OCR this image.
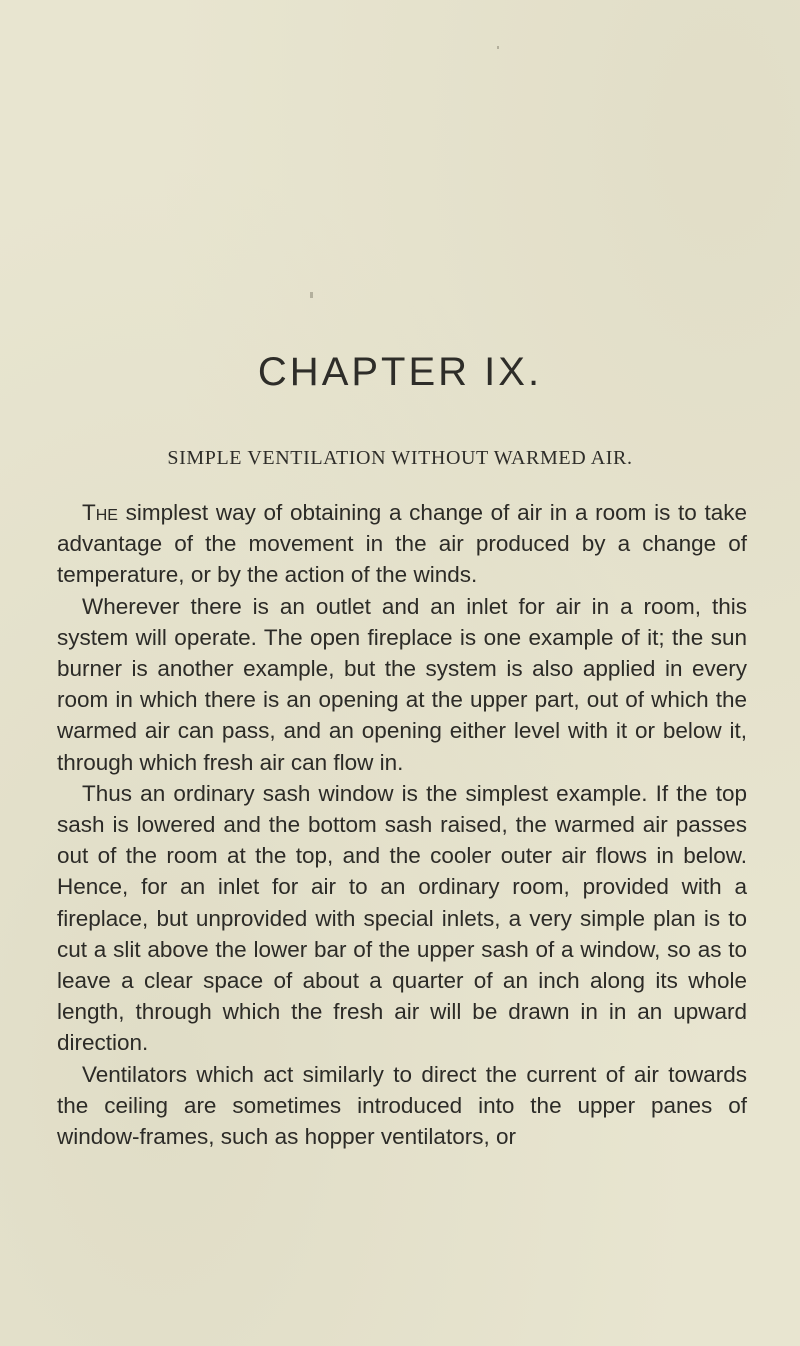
CHAPTER IX.
SIMPLE VENTILATION WITHOUT WARMED AIR.

The simplest way of obtaining a change of air in a room is to take advantage of the movement in the air produced by a change of temperature, or by the action of the winds.

Wherever there is an outlet and an inlet for air in a room, this system will operate. The open fireplace is one example of it; the sun burner is another example, but the system is also applied in every room in which there is an opening at the upper part, out of which the warmed air can pass, and an opening either level with it or below it, through which fresh air can flow in.

Thus an ordinary sash window is the simplest example. If the top sash is lowered and the bottom sash raised, the warmed air passes out of the room at the top, and the cooler outer air flows in below. Hence, for an inlet for air to an ordinary room, provided with a fireplace, but unprovided with special inlets, a very simple plan is to cut a slit above the lower bar of the upper sash of a window, so as to leave a clear space of about a quarter of an inch along its whole length, through which the fresh air will be drawn in in an upward direction.

Ventilators which act similarly to direct the current of air towards the ceiling are sometimes introduced into the upper panes of window-frames, such as hopper ventilators, or
